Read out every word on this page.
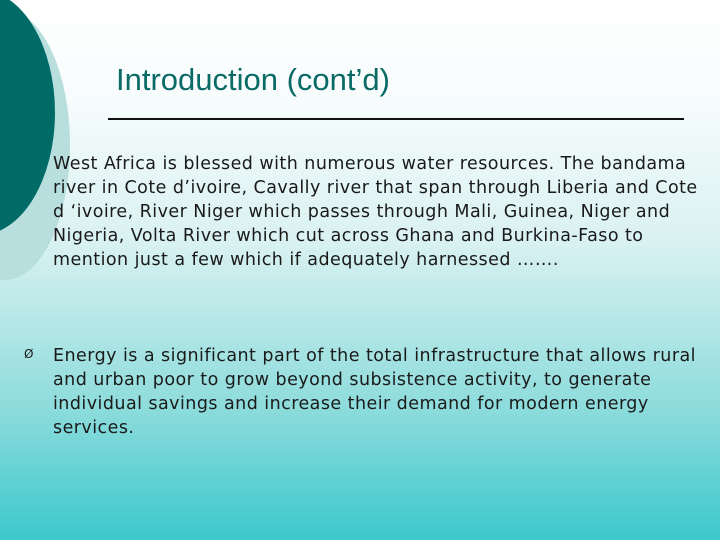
Introduction (cont’d)

West Africa is blessed with numerous water resources. The bandama river in Cote d’ivoire, Cavally river that span through Liberia and Cote d ‘ivoire, River Niger which passes through Mali, Guinea, Niger and Nigeria, Volta River which cut across Ghana and Burkina-Faso to mention just a few which if adequately harnessed …….

Ø Energy is a significant part of the total infrastructure that allows rural and urban poor to grow beyond subsistence activity, to generate individual savings and increase their demand for modern energy services.
